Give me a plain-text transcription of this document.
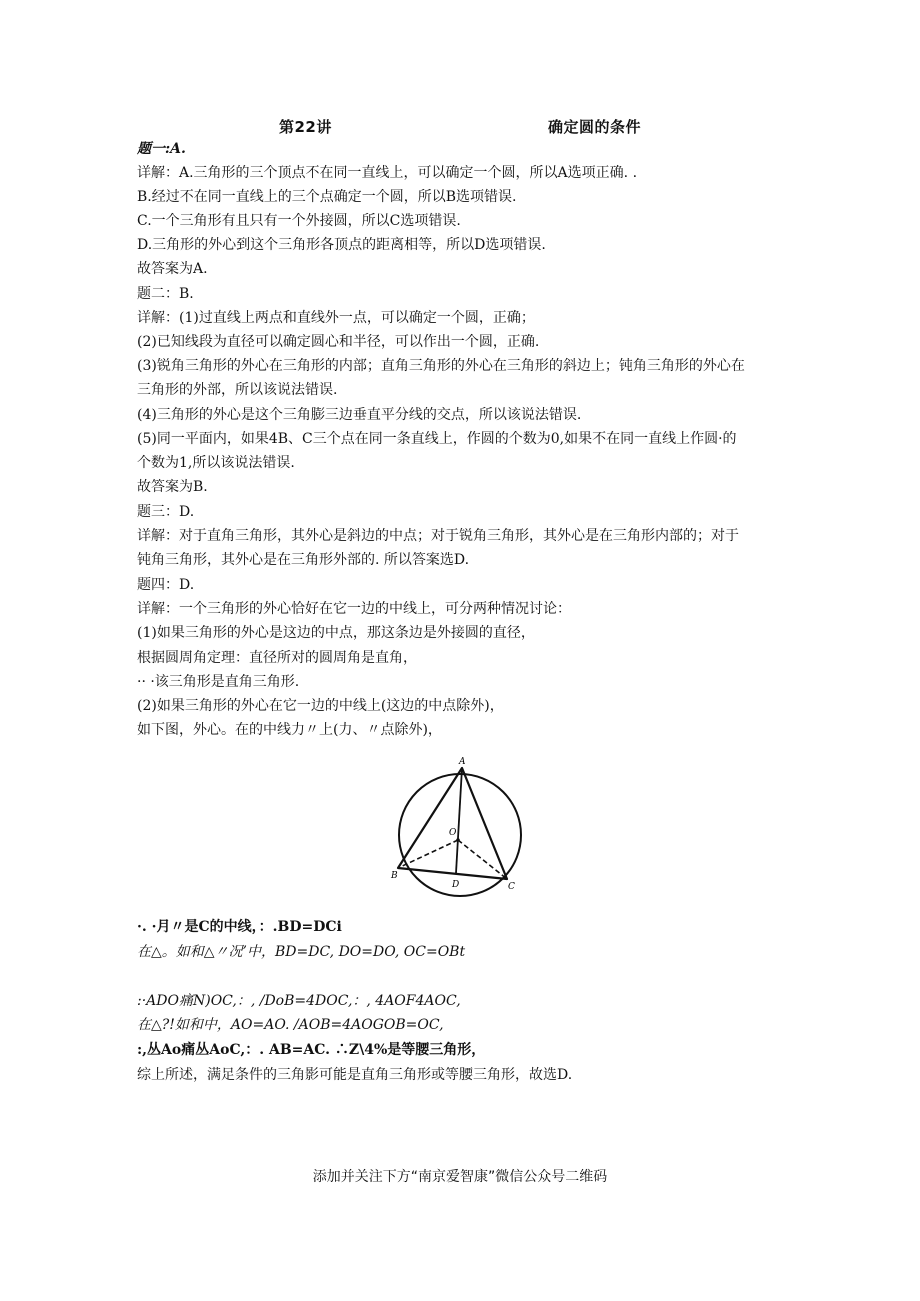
第22讲	确定圆的条件
题一:A.
详解：A.三角形的三个顶点不在同一直线上，可以确定一个圆，所以A选项正确. .
B.经过不在同一直线上的三个点确定一个圆，所以B选项错误.
C.一个三角形有且只有一个外接圆，所以C选项错误.
D.三角形的外心到这个三角形各顶点的距离相等，所以D选项错误.
故答案为A.
题二：B.
详解：(1)过直线上两点和直线外一点，可以确定一个圆，正确；
(2)已知线段为直径可以确定圆心和半径，可以作出一个圆，正确.
(3)锐角三角形的外心在三角形的内部；直角三角形的外心在三角形的斜边上；钝角三角形的外心在
三角形的外部，所以该说法错误.
(4)三角形的外心是这个三角膨三边垂直平分线的交点，所以该说法错误.
(5)同一平面内，如果4B、C三个点在同一条直线上，作圆的个数为0,如果不在同一直线上作圆·的
个数为1,所以该说法错误.
故答案为B.
题三：D.
详解：对于直角三角形，其外心是斜边的中点；对于锐角三角形，其外心是在三角形内部的；对于
钝角三角形，其外心是在三角形外部的. 所以答案选D.
题四：D.
详解：一个三角形的外心恰好在它一边的中线上，可分两种情况讨论：
(1)如果三角形的外心是这边的中点，那这条边是外接圆的直径，
根据圆周角定理：直径所对的圆周角是直角，
·· ·该三角形是直角三角形.
(2)如果三角形的外心在它一边的中线上(这边的中点除外)，
如下图，外心。在的中线力〃上(力、〃点除外)，
A
O
B
C
D
·. ·月〃是C的中线，：.BD=DCi
在△。如和△〃况’中，BD=DC, DO=DO, OC=OBt
:·ADO痛N)OC,：, /DoB=4DOC,：, 4AOF4AOC,
在△?!如和中，AO=AO. /AOB=4AOGOB=OC,
:,丛Ao痛丛AoC,：. AB=AC. ∴Z\4%是等腰三角形，
综上所述，满足条件的三角影可能是直角三角形或等腰三角形，故选D.
添加并关注下方“南京爱智康”微信公众号二维码
